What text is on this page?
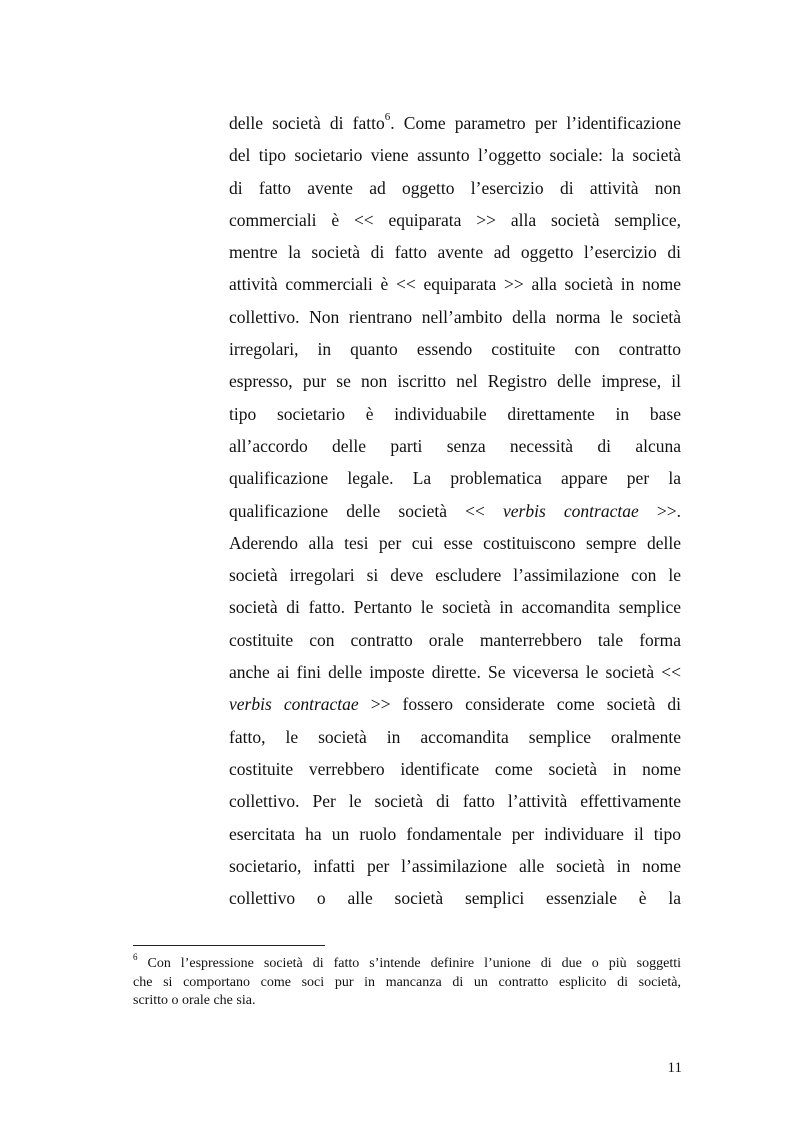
delle società di fatto$^6$. Come parametro per l’identificazione
del tipo societario viene assunto l’oggetto sociale: la società
di fatto avente ad oggetto l’esercizio di attività non
commerciali è << equiparata >> alla società semplice,
mentre la società di fatto avente ad oggetto l’esercizio di
attività commerciali è << equiparata >> alla società in nome
collettivo. Non rientrano nell’ambito della norma le società
irregolari, in quanto essendo costituite con contratto
espresso, pur se non iscritto nel Registro delle imprese, il
tipo societario è individuabile direttamente in base
all’accordo delle parti senza necessità di alcuna
qualificazione legale. La problematica appare per la
qualificazione delle società << verbis contractae >>.
Aderendo alla tesi per cui esse costituiscono sempre delle
società irregolari si deve escludere l’assimilazione con le
società di fatto. Pertanto le società in accomandita semplice
costituite con contratto orale manterrebbero tale forma
anche ai fini delle imposte dirette. Se viceversa le società <<
verbis contractae >> fossero considerate come società di
fatto, le società in accomandita semplice oralmente
costituite verrebbero identificate come società in nome
collettivo. Per le società di fatto l’attività effettivamente
esercitata ha un ruolo fondamentale per individuare il tipo
societario, infatti per l’assimilazione alle società in nome
collettivo o alle società semplici essenziale è la
$^6$ Con l’espressione società di fatto s’intende definire l’unione di due o più soggetti
che si comportano come soci pur in mancanza di un contratto esplicito di società,
scritto o orale che sia.
11
